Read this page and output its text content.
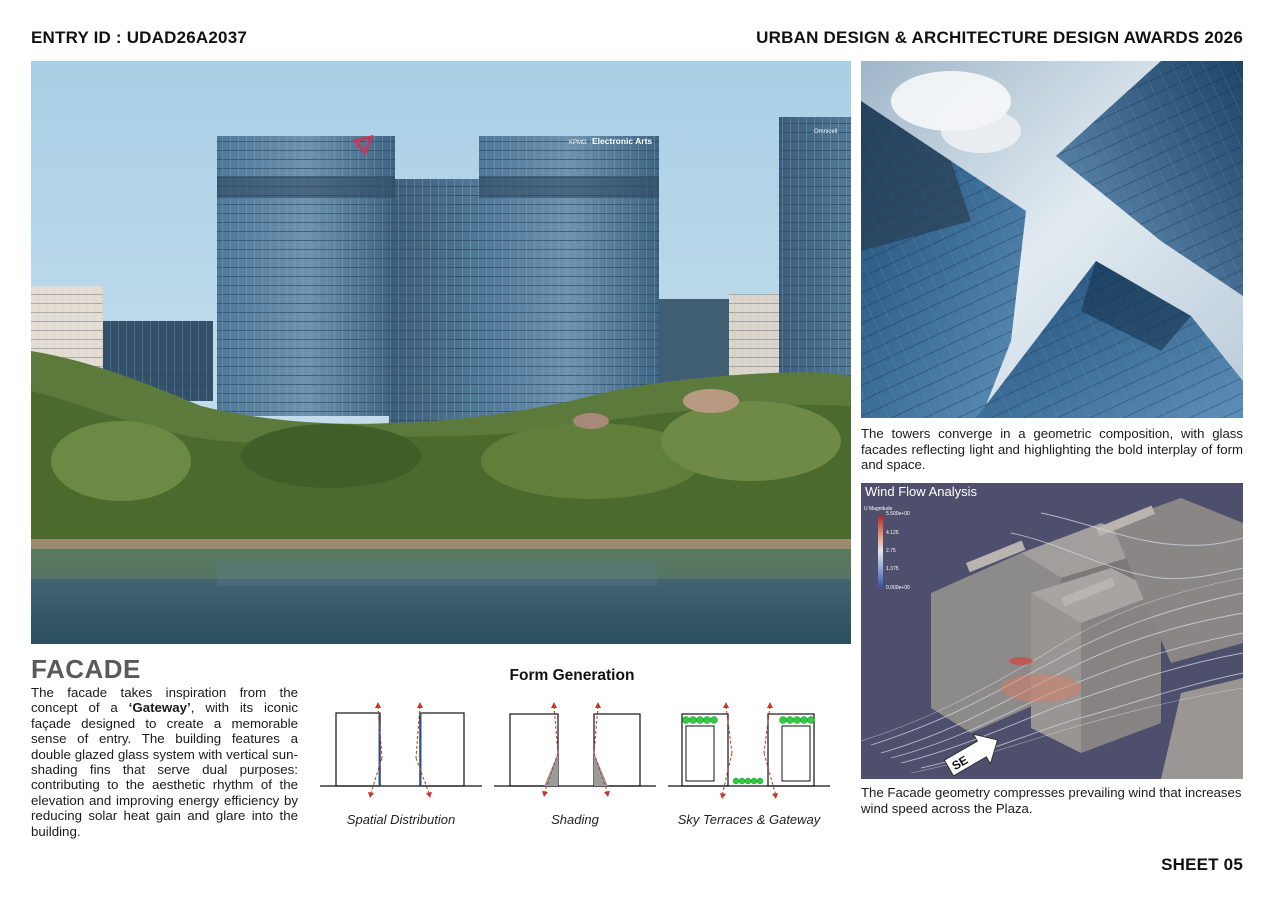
ENTRY ID : UDAD26A2037	URBAN DESIGN & ARCHITECTURE DESIGN AWARDS 2026
KPMG Electronic Arts
Omnicell
The towers converge in a geometric composition, with glass facades reflecting light and highlighting the bold interplay of form and space.
Wind Flow Analysis
U Magnitude
5.500e+00
4.125
2.75
1.375
0.000e+00
SE
The Facade geometry compresses prevailing wind that increases wind speed across the Plaza.
FACADE
The facade takes inspiration from the concept of a ‘Gateway’, with its iconic façade designed to create a memorable sense of entry. The building features a double glazed glass system with vertical sun-shading fins that serve dual purposes: contributing to the aesthetic rhythm of the elevation and improving energy efficiency by reducing solar heat gain and glare into the building.
Form Generation
Spatial Distribution	Shading	Sky Terraces & Gateway
SHEET 05
